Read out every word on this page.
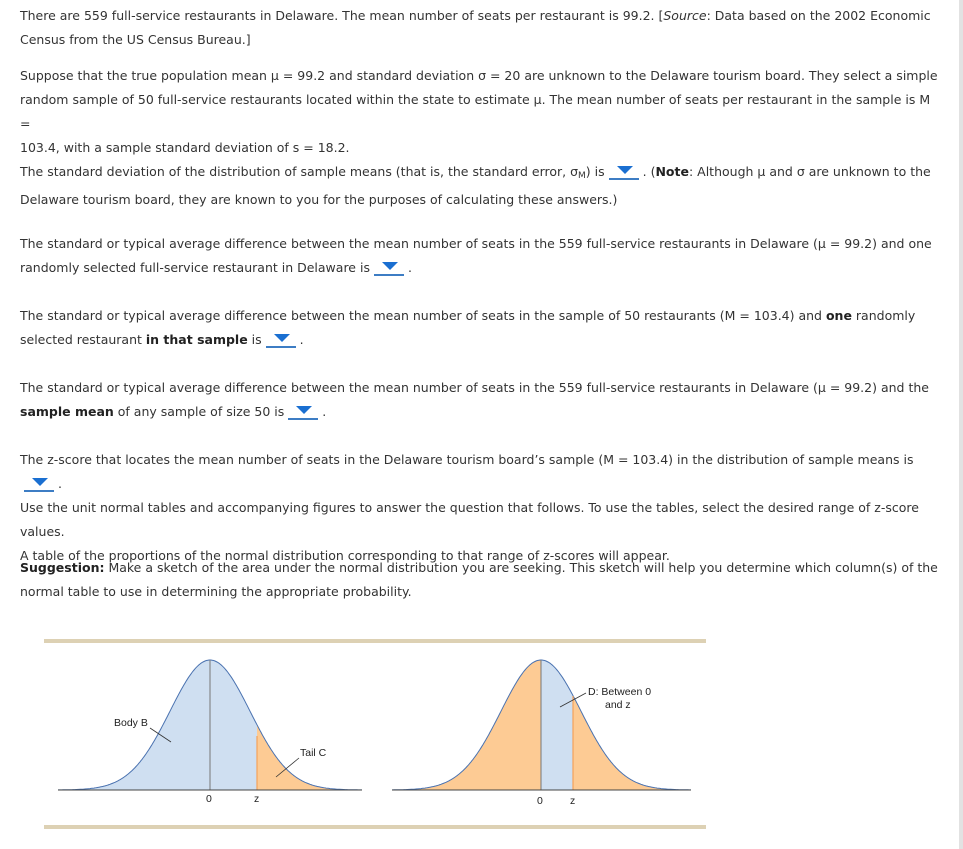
There are 559 full-service restaurants in Delaware. The mean number of seats per restaurant is 99.2. [Source: Data based on the 2002 Economic
Census from the US Census Bureau.]

Suppose that the true population mean μ = 99.2 and standard deviation σ = 20 are unknown to the Delaware tourism board. They select a simple
random sample of 50 full-service restaurants located within the state to estimate μ. The mean number of seats per restaurant in the sample is M =
103.4, with a sample standard deviation of s = 18.2.

The standard deviation of the distribution of sample means (that is, the standard error, $\sigma_M$) is	. (Note: Although μ and σ are unknown to the
Delaware tourism board, they are known to you for the purposes of calculating these answers.)

The standard or typical average difference between the mean number of seats in the 559 full-service restaurants in Delaware (μ = 99.2) and one
randomly selected full-service restaurant in Delaware is	.

The standard or typical average difference between the mean number of seats in the sample of 50 restaurants (M = 103.4) and one randomly
selected restaurant in that sample is	.

The standard or typical average difference between the mean number of seats in the 559 full-service restaurants in Delaware (μ = 99.2) and the
sample mean of any sample of size 50 is	.

The z-score that locates the mean number of seats in the Delaware tourism board’s sample (M = 103.4) in the distribution of sample means is
.

Use the unit normal tables and accompanying figures to answer the question that follows. To use the tables, select the desired range of z-score values.
A table of the proportions of the normal distribution corresponding to that range of z-scores will appear.

Suggestion: Make a sketch of the area under the normal distribution you are seeking. This sketch will help you determine which column(s) of the
normal table to use in determining the appropriate probability.

Body B
Tail C
0	z
D: Between 0
and z
0	z
